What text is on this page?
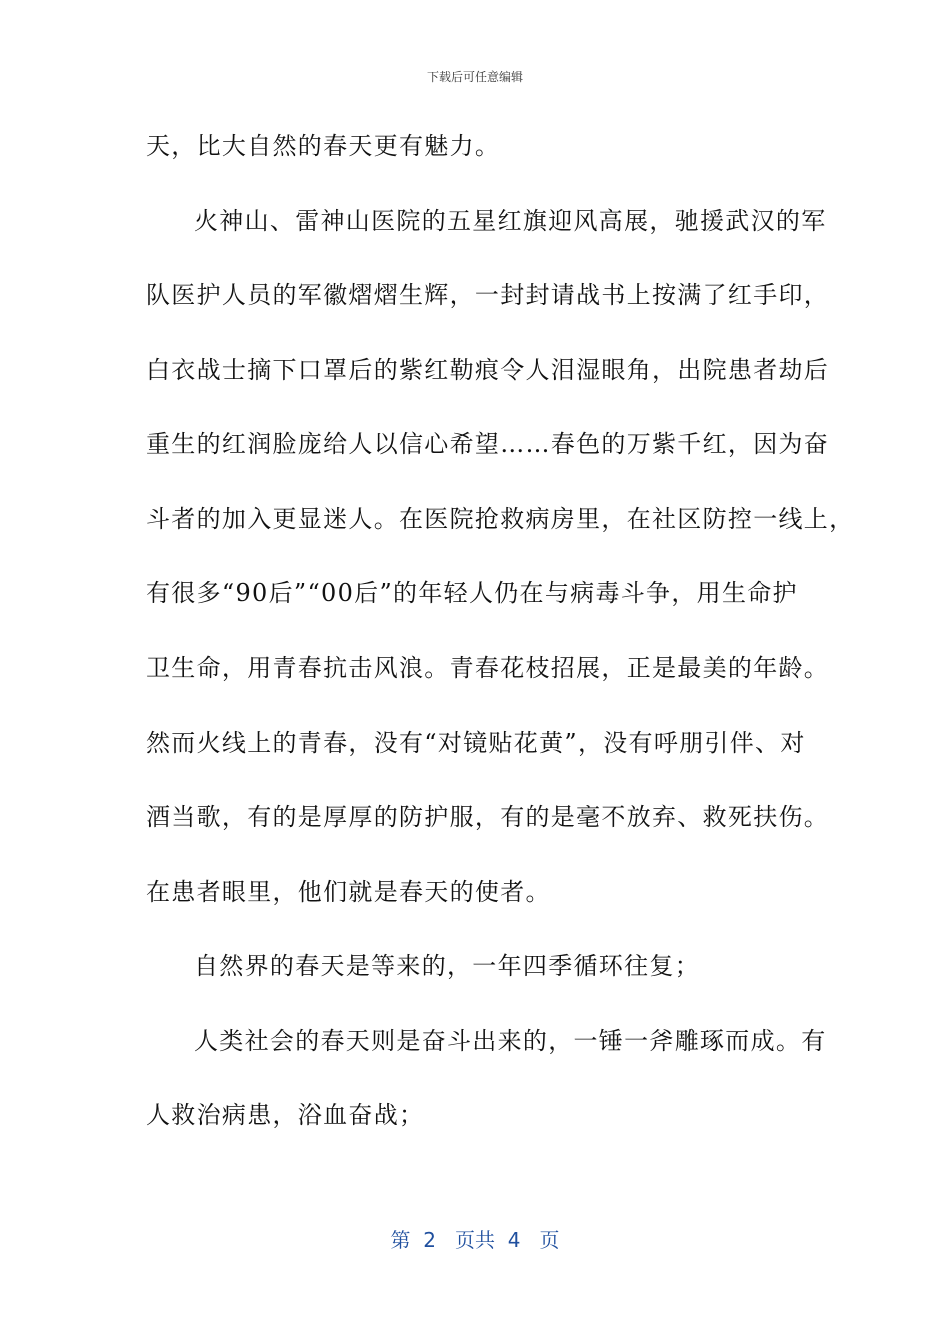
下载后可任意编辑
天，比大自然的春天更有魅力。
火神山、雷神山医院的五星红旗迎风高展，驰援武汉的军
队医护人员的军徽熠熠生辉，一封封请战书上按满了红手印，
白衣战士摘下口罩后的紫红勒痕令人泪湿眼角，出院患者劫后
重生的红润脸庞给人以信心希望……春色的万紫千红，因为奋
斗者的加入更显迷人。在医院抢救病房里，在社区防控一线上，
有很多“90后”“00后”的年轻人仍在与病毒斗争，用生命护
卫生命，用青春抗击风浪。青春花枝招展，正是最美的年龄。
然而火线上的青春，没有“对镜贴花黄”，没有呼朋引伴、对
酒当歌，有的是厚厚的防护服，有的是毫不放弃、救死扶伤。
在患者眼里，他们就是春天的使者。
自然界的春天是等来的，一年四季循环往复；
人类社会的春天则是奋斗出来的，一锤一斧雕琢而成。有
人救治病患，浴血奋战；
第 2 页共 4 页
